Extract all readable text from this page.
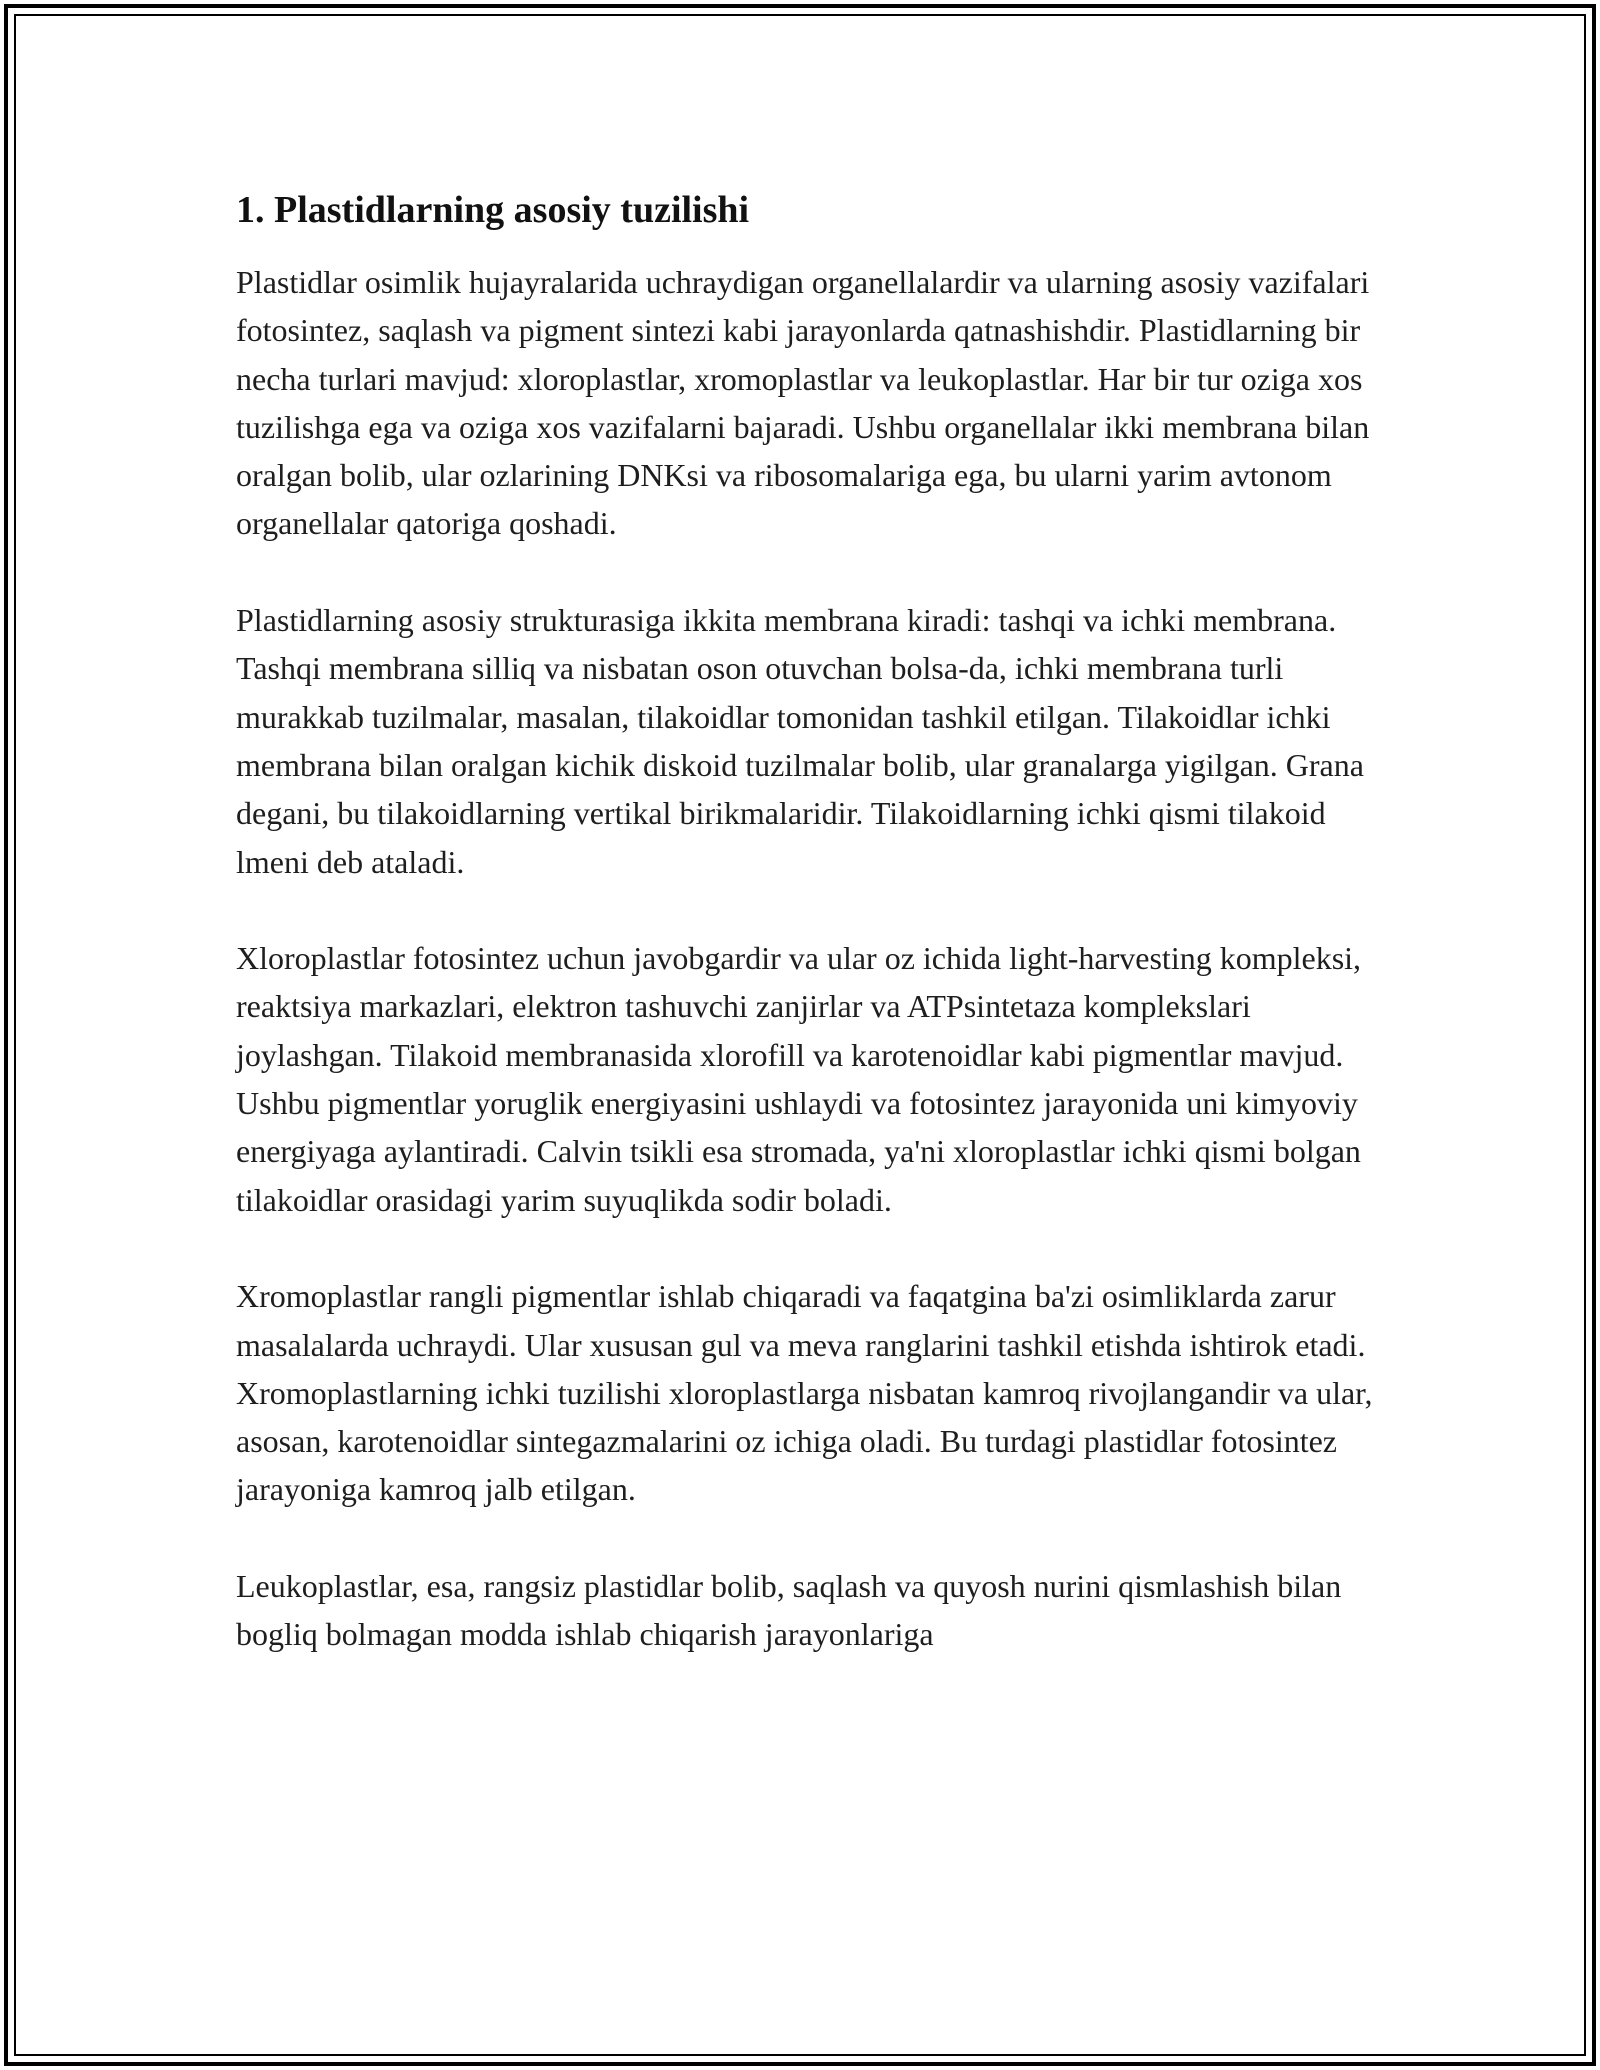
1. Plastidlarning asosiy tuzilishi

Plastidlar osimlik hujayralarida uchraydigan organellalardir va ularning asosiy vazifalari fotosintez, saqlash va pigment sintezi kabi jarayonlarda qatnashishdir. Plastidlarning bir necha turlari mavjud: xloroplastlar, xromoplastlar va leukoplastlar. Har bir tur oziga xos tuzilishga ega va oziga xos vazifalarni bajaradi. Ushbu organellalar ikki membrana bilan oralgan bolib, ular ozlarining DNKsi va ribosomalariga ega, bu ularni yarim avtonom organellalar qatoriga qoshadi.

Plastidlarning asosiy strukturasiga ikkita membrana kiradi: tashqi va ichki membrana. Tashqi membrana silliq va nisbatan oson otuvchan bolsa-da, ichki membrana turli murakkab tuzilmalar, masalan, tilakoidlar tomonidan tashkil etilgan. Tilakoidlar ichki membrana bilan oralgan kichik diskoid tuzilmalar bolib, ular granalarga yigilgan. Grana degani, bu tilakoidlarning vertikal birikmalaridir. Tilakoidlarning ichki qismi tilakoid lmeni deb ataladi.

Xloroplastlar fotosintez uchun javobgardir va ular oz ichida light-harvesting kompleksi, reaktsiya markazlari, elektron tashuvchi zanjirlar va ATPsintetaza komplekslari joylashgan. Tilakoid membranasida xlorofill va karotenoidlar kabi pigmentlar mavjud. Ushbu pigmentlar yoruglik energiyasini ushlaydi va fotosintez jarayonida uni kimyoviy energiyaga aylantiradi. Calvin tsikli esa stromada, ya'ni xloroplastlar ichki qismi bolgan tilakoidlar orasidagi yarim suyuqlikda sodir boladi.

Xromoplastlar rangli pigmentlar ishlab chiqaradi va faqatgina ba'zi osimliklarda zarur masalalarda uchraydi. Ular xususan gul va meva ranglarini tashkil etishda ishtirok etadi. Xromoplastlarning ichki tuzilishi xloroplastlarga nisbatan kamroq rivojlangandir va ular, asosan, karotenoidlar sintegazmalarini oz ichiga oladi. Bu turdagi plastidlar fotosintez jarayoniga kamroq jalb etilgan.

Leukoplastlar, esa, rangsiz plastidlar bolib, saqlash va quyosh nurini qismlashish bilan bogliq bolmagan modda ishlab chiqarish jarayonlariga
